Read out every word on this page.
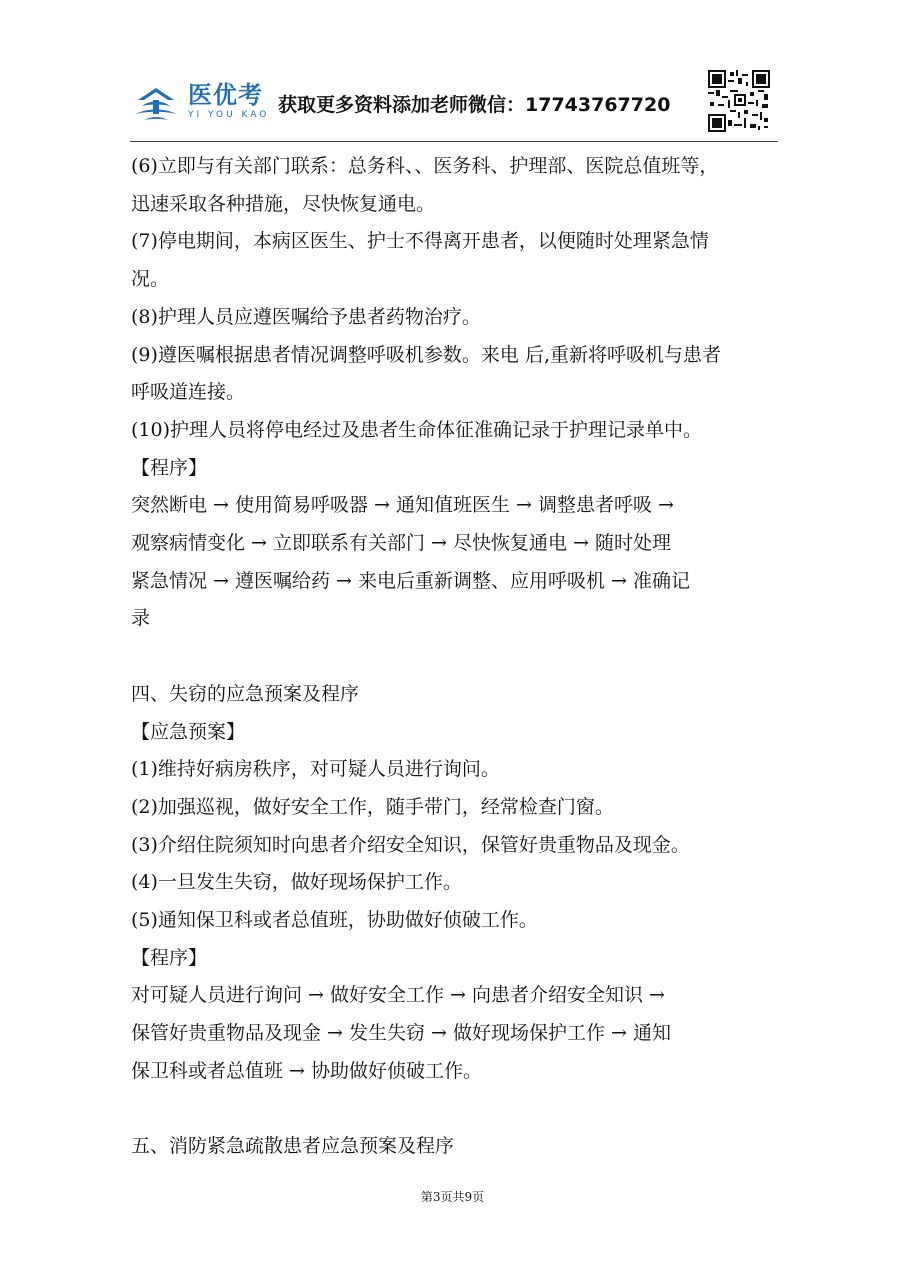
医优考
YI YOU KAO 获取更多资料添加老师微信：17743767720

(6)立即与有关部门联系：总务科、、医务科、护理部、医院总值班等，

迅速采取各种措施，尽快恢复通电。

(7)停电期间，本病区医生、护士不得离开患者，以便随时处理紧急情

况。

(8)护理人员应遵医嘱给予患者药物治疗。

(9)遵医嘱根据患者情况调整呼吸机参数。来电 后,重新将呼吸机与患者

呼吸道连接。

(10)护理人员将停电经过及患者生命体征准确记录于护理记录单中。

【程序】

突然断电 → 使用简易呼吸器 → 通知值班医生 → 调整患者呼吸 →

观察病情变化 → 立即联系有关部门 → 尽快恢复通电 → 随时处理

紧急情况 → 遵医嘱给药 → 来电后重新调整、应用呼吸机 → 准确记

录

四、失窃的应急预案及程序

【应急预案】

(1)维持好病房秩序，对可疑人员进行询问。

(2)加强巡视，做好安全工作，随手带门，经常检查门窗。

(3)介绍住院须知时向患者介绍安全知识，保管好贵重物品及现金。

(4)一旦发生失窃，做好现场保护工作。

(5)通知保卫科或者总值班，协助做好侦破工作。

【程序】

对可疑人员进行询问 → 做好安全工作 → 向患者介绍安全知识 →

保管好贵重物品及现金 → 发生失窃 → 做好现场保护工作 → 通知

保卫科或者总值班 → 协助做好侦破工作。

五、消防紧急疏散患者应急预案及程序

第3页共9页
